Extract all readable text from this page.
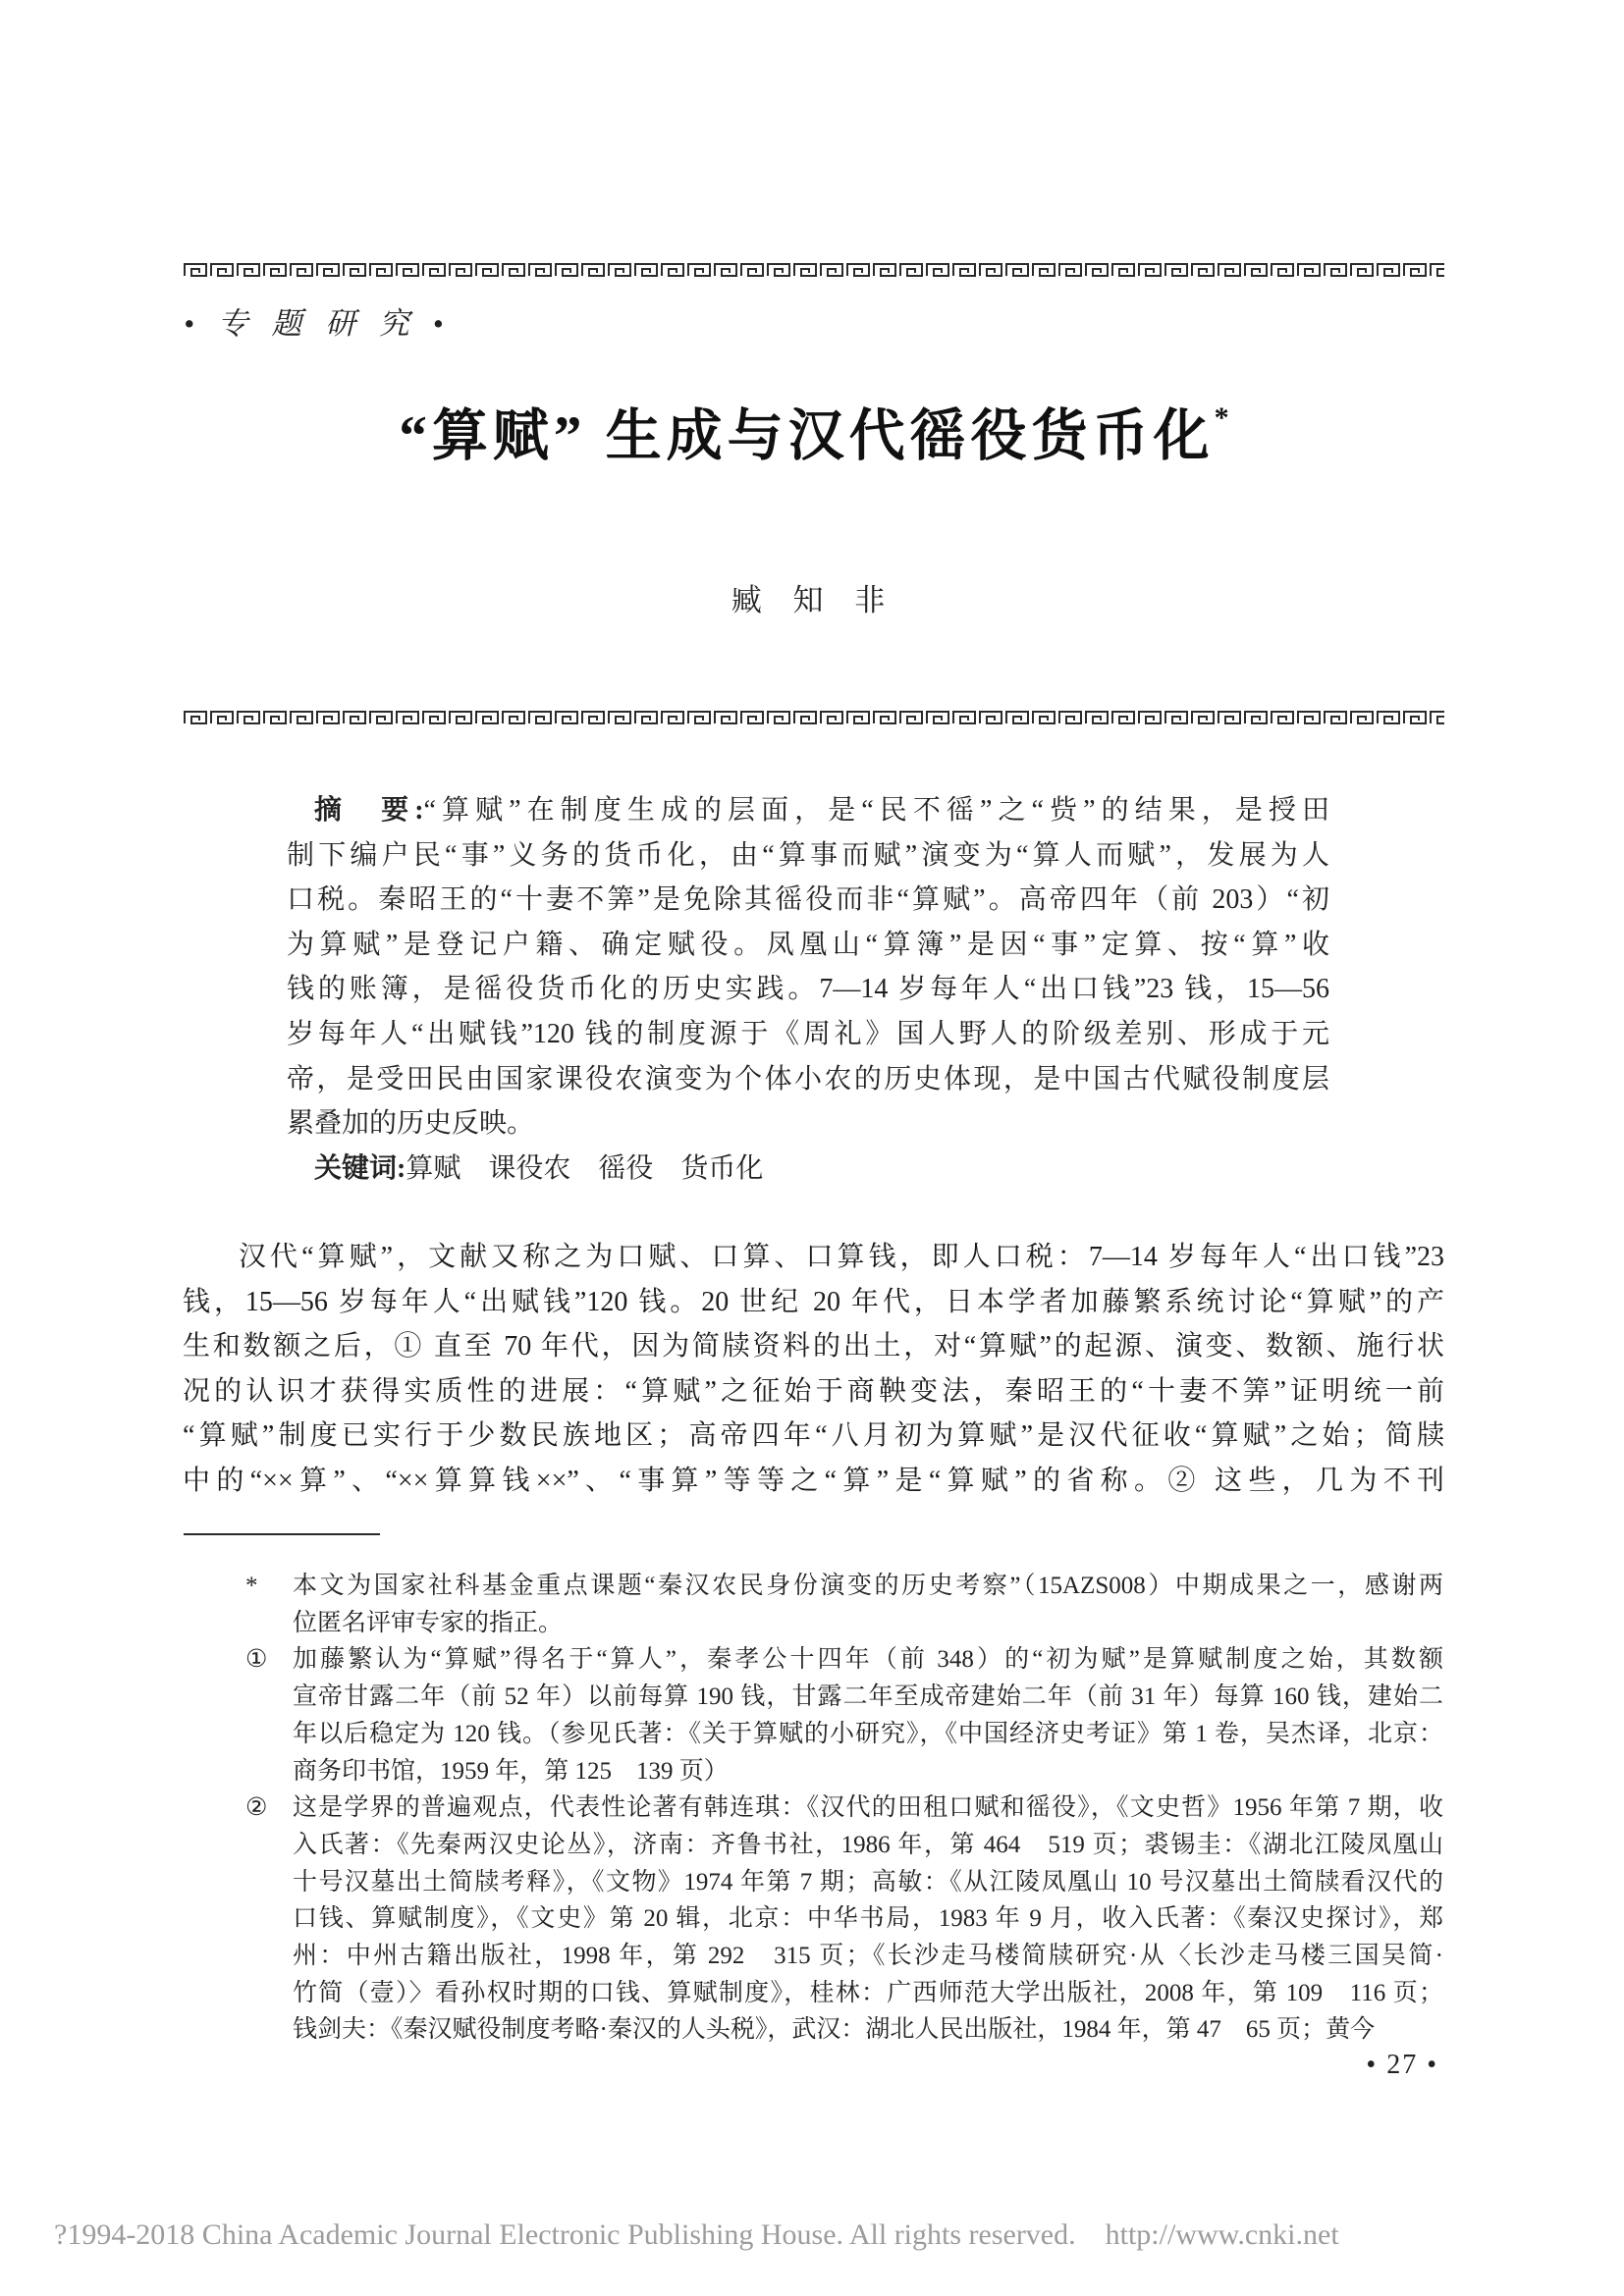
• 专 题 研 究 •
“算赋” 生成与汉代徭役货币化*
臧 知 非
摘　要:“算赋”在制度生成的层面，是“民不徭”之“赀”的结果，是授田
制下编户民“事”义务的货币化，由“算事而赋”演变为“算人而赋”，发展为人
口税。秦昭王的“十妻不筭”是免除其徭役而非“算赋”。高帝四年（前 203）“初
为算赋”是登记户籍、确定赋役。凤凰山“算簿”是因“事”定算、按“算”收
钱的账簿，是徭役货币化的历史实践。7—14 岁每年人“出口钱”23 钱，15—56
岁每年人“出赋钱”120 钱的制度源于《周礼》国人野人的阶级差别、形成于元
帝，是受田民由国家课役农演变为个体小农的历史体现，是中国古代赋役制度层
累叠加的历史反映。
关键词:算赋　课役农　徭役　货币化
汉代“算赋”，文献又称之为口赋、口算、口算钱，即人口税：7—14 岁每年人“出口钱”23
钱，15—56 岁每年人“出赋钱”120 钱。20 世纪 20 年代，日本学者加藤繁系统讨论“算赋”的产
生和数额之后，① 直至 70 年代，因为简牍资料的出土，对“算赋”的起源、演变、数额、施行状
况的认识才获得实质性的进展：“算赋”之征始于商鞅变法，秦昭王的“十妻不筭”证明统一前
“算赋”制度已实行于少数民族地区；高帝四年“八月初为算赋”是汉代征收“算赋”之始；简牍
中的“××算”、“××算算钱××”、“事算”等等之“算”是“算赋”的省称。② 这些，几为不刊
*	本文为国家社科基金重点课题“秦汉农民身份演变的历史考察”（15AZS008）中期成果之一，感谢两
位匿名评审专家的指正。
①	加藤繁认为“算赋”得名于“算人”，秦孝公十四年（前 348）的“初为赋”是算赋制度之始，其数额
宣帝甘露二年（前 52 年）以前每算 190 钱，甘露二年至成帝建始二年（前 31 年）每算 160 钱，建始二
年以后稳定为 120 钱。（参见氏著：《关于算赋的小研究》，《中国经济史考证》第 1 卷，吴杰译，北京：
商务印书馆，1959 年，第 125　139 页）
②	这是学界的普遍观点，代表性论著有韩连琪：《汉代的田租口赋和徭役》，《文史哲》1956 年第 7 期，收
入氏著：《先秦两汉史论丛》，济南：齐鲁书社，1986 年，第 464　519 页；裘锡圭：《湖北江陵凤凰山
十号汉墓出土简牍考释》，《文物》1974 年第 7 期；高敏：《从江陵凤凰山 10 号汉墓出土简牍看汉代的
口钱、算赋制度》，《文史》第 20 辑，北京：中华书局，1983 年 9 月，收入氏著：《秦汉史探讨》，郑
州：中州古籍出版社，1998 年，第 292　315 页；《长沙走马楼简牍研究·从〈长沙走马楼三国吴简·
竹简（壹）〉看孙权时期的口钱、算赋制度》，桂林：广西师范大学出版社，2008 年，第 109　116 页；
钱剑夫：《秦汉赋役制度考略·秦汉的人头税》，武汉：湖北人民出版社，1984 年，第 47　65 页；黄今
• 27 •
?1994-2018 China Academic Journal Electronic Publishing House. All rights reserved.    http://www.cnki.net
